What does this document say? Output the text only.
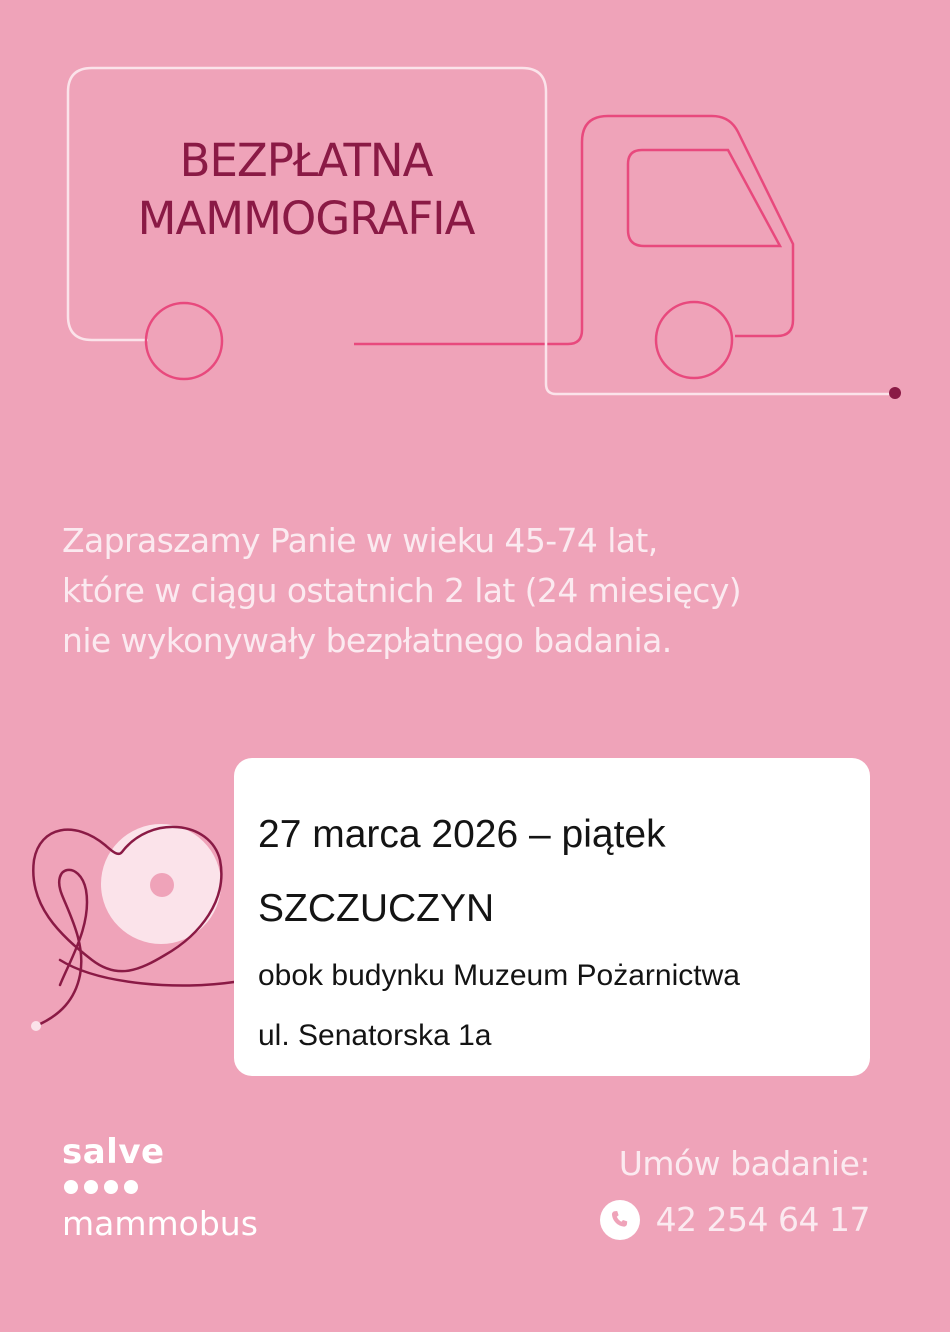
BEZPŁATNA
MAMMOGRAFIA
Zapraszamy Panie w wieku 45-74 lat,
które w ciągu ostatnich 2 lat (24 miesięcy)
nie wykonywały bezpłatnego badania.
27 marca 2026 – piątek
SZCZUCZYN
obok budynku Muzeum Pożarnictwa
ul. Senatorska 1a
salve
mammobus
Umów badanie:
42 254 64 17
